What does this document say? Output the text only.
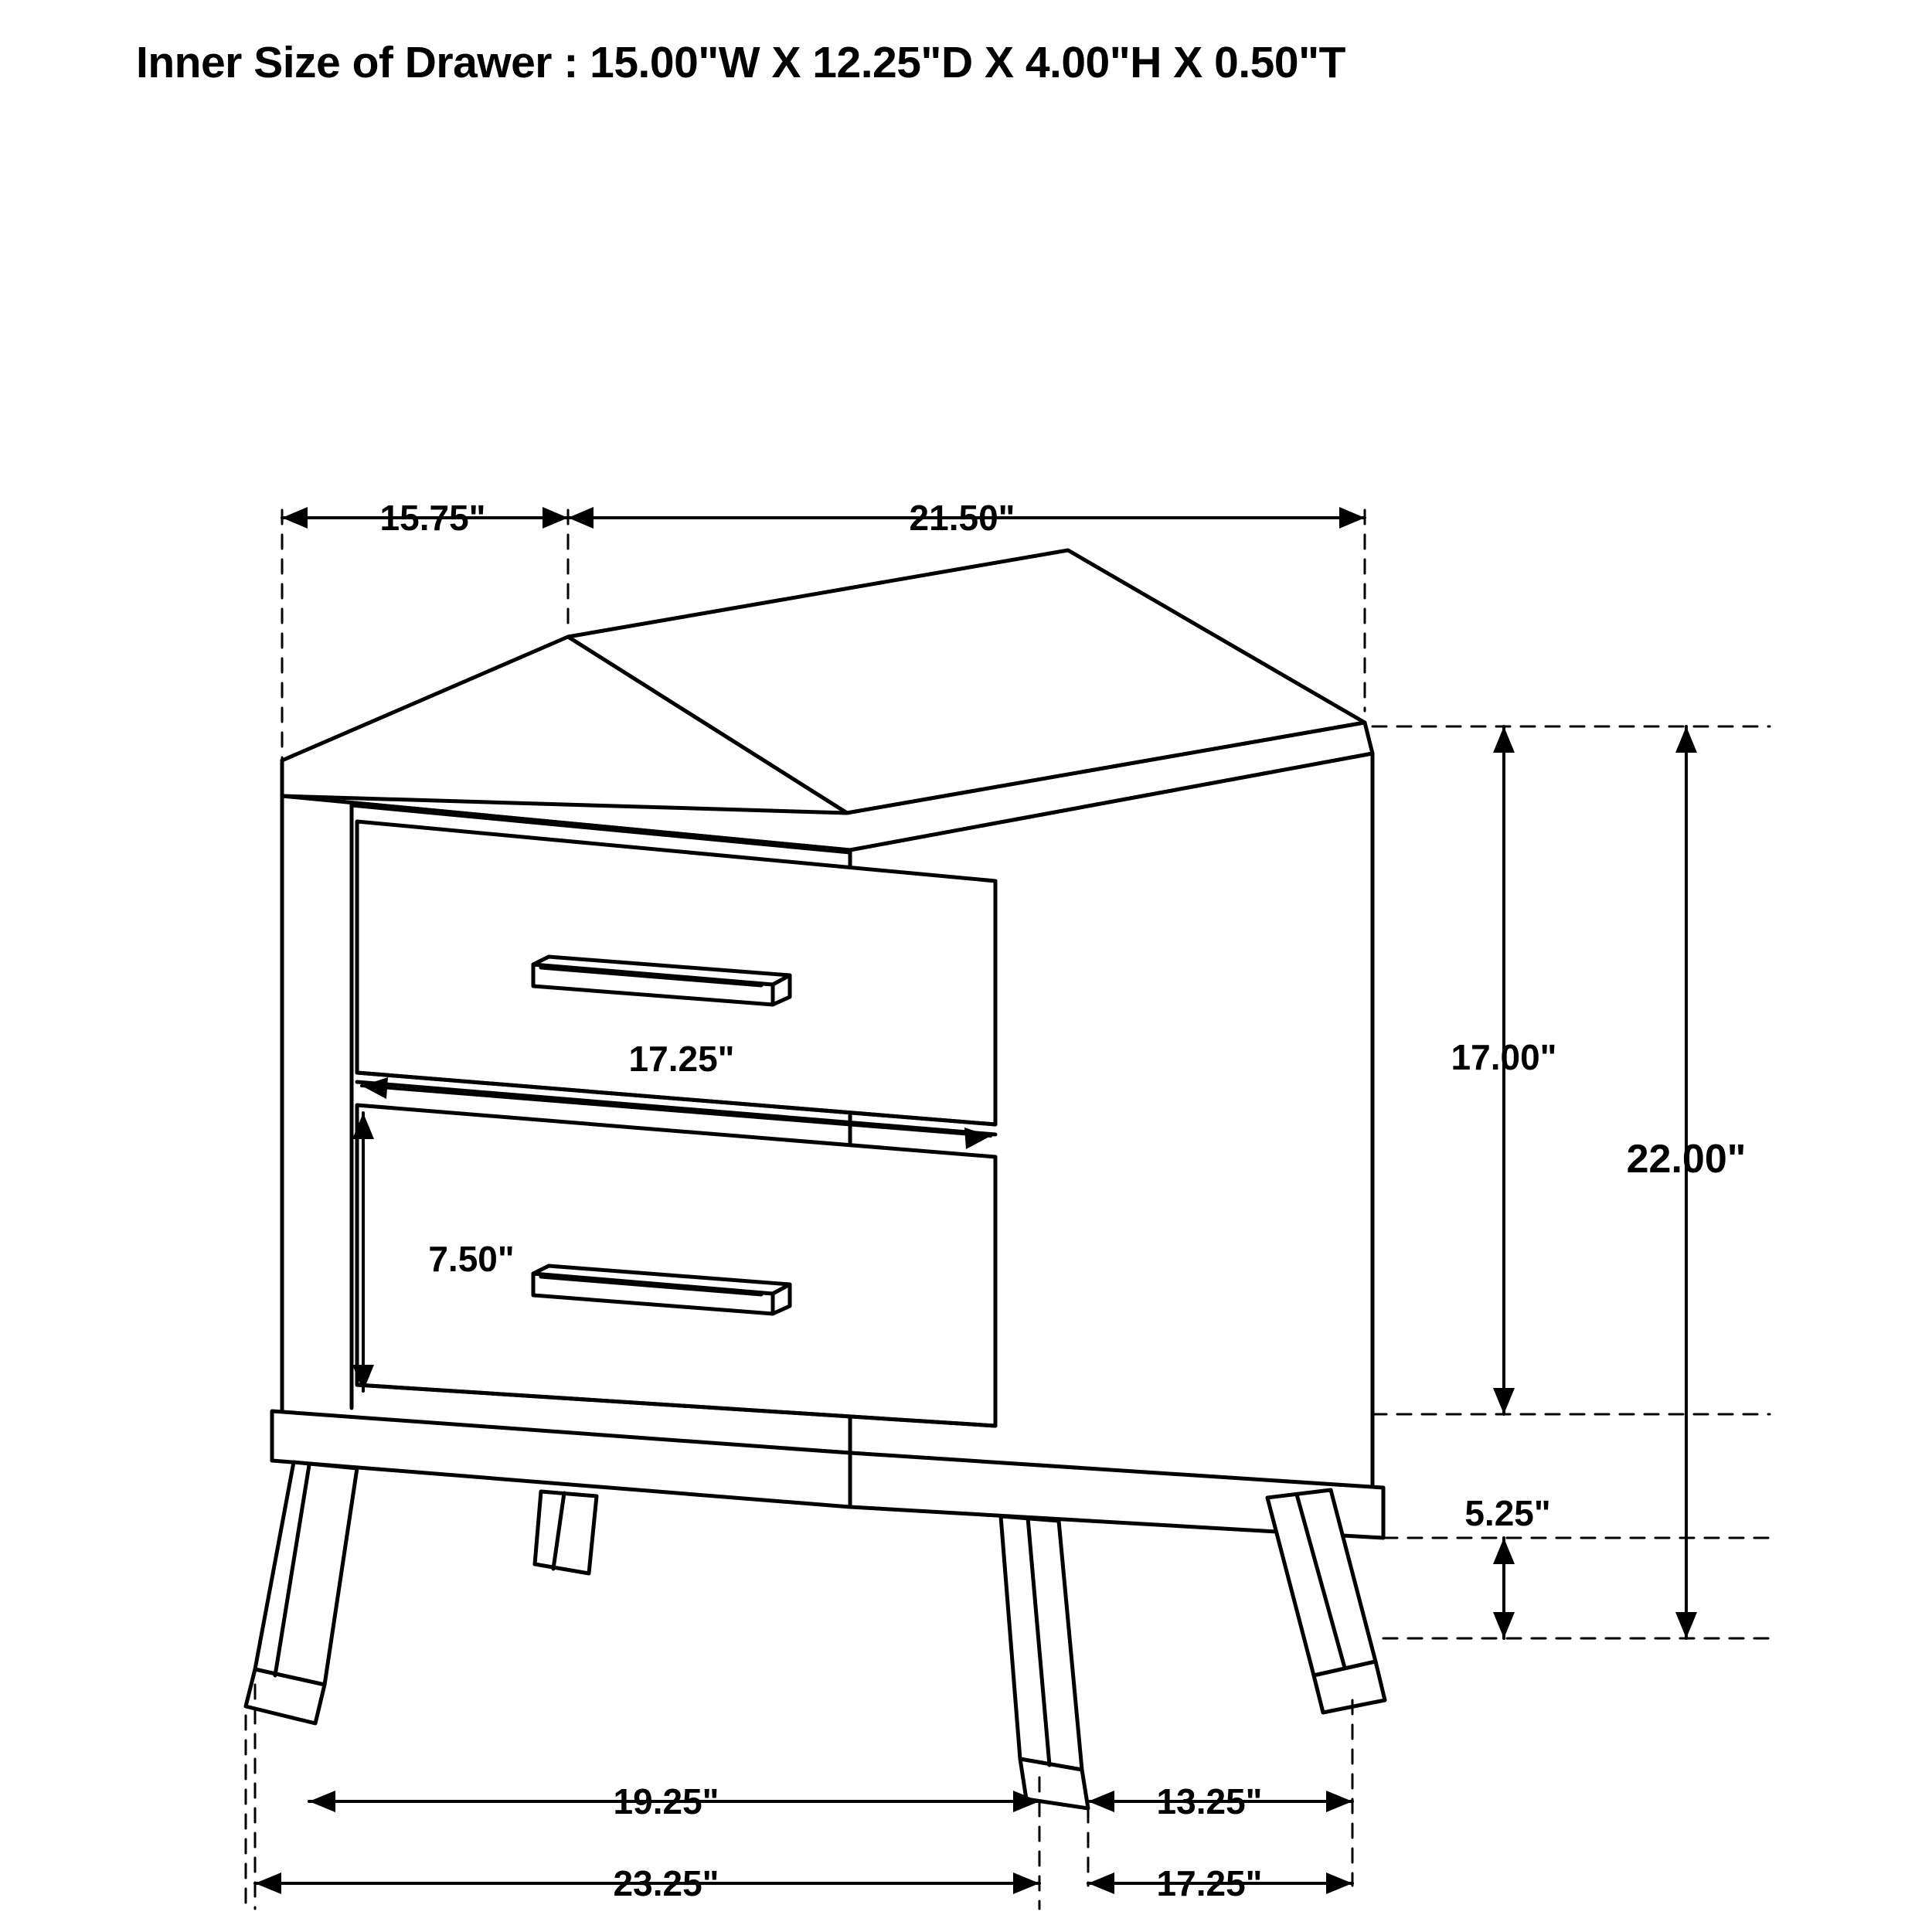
Inner Size of Drawer : 15.00"W X 12.25"D X 4.00"H X 0.50"T
15.75"	21.50"
17.25"
7.50"
17.00"
22.00"
5.25"
19.25"	13.25"
23.25"	17.25"
